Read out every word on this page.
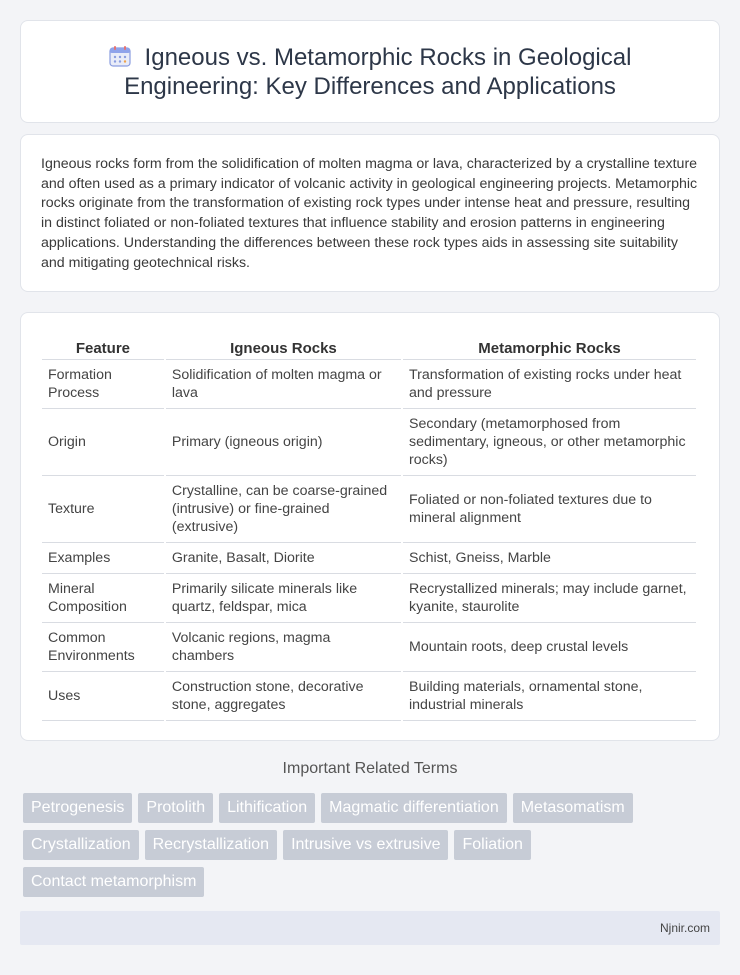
Igneous vs. Metamorphic Rocks in Geological Engineering: Key Differences and Applications

Igneous rocks form from the solidification of molten magma or lava, characterized by a crystalline texture and often used as a primary indicator of volcanic activity in geological engineering projects. Metamorphic rocks originate from the transformation of existing rock types under intense heat and pressure, resulting in distinct foliated or non-foliated textures that influence stability and erosion patterns in engineering applications. Understanding the differences between these rock types aids in assessing site suitability and mitigating geotechnical risks.

Feature	Igneous Rocks	Metamorphic Rocks
Formation Process	Solidification of molten magma or lava	Transformation of existing rocks under heat and pressure
Origin	Primary (igneous origin)	Secondary (metamorphosed from sedimentary, igneous, or other metamorphic rocks)
Texture	Crystalline, can be coarse-grained (intrusive) or fine-grained (extrusive)	Foliated or non-foliated textures due to mineral alignment
Examples	Granite, Basalt, Diorite	Schist, Gneiss, Marble
Mineral Composition	Primarily silicate minerals like quartz, feldspar, mica	Recrystallized minerals; may include garnet, kyanite, staurolite
Common Environments	Volcanic regions, magma chambers	Mountain roots, deep crustal levels
Uses	Construction stone, decorative stone, aggregates	Building materials, ornamental stone, industrial minerals
Important Related Terms
Petrogenesis	Protolith	Lithification	Magmatic differentiation	Metasomatism
Crystallization	Recrystallization	Intrusive vs extrusive	Foliation
Contact metamorphism
Njnir.com
